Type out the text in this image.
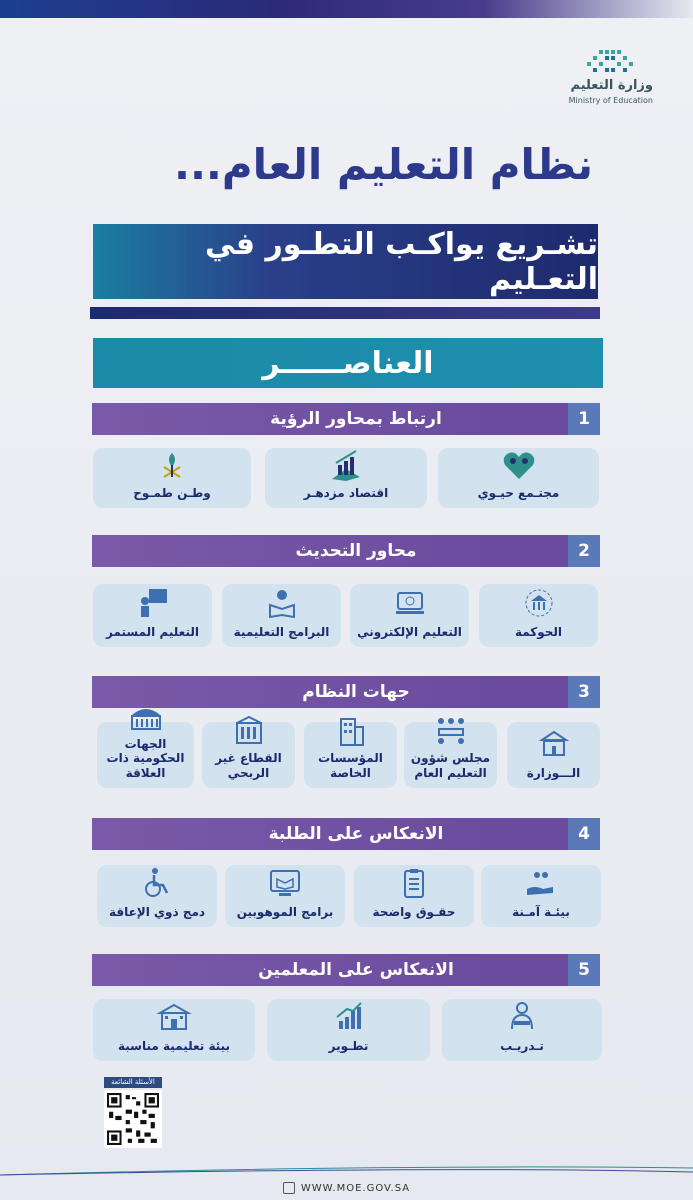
وزارة التعليم
Ministry of Education
نظام التعليم العام...
تشـريع يواكـب التطـور في التعـليم
العناصــــــر
1
ارتباط بمحاور الرؤية
مجتـمع حيـوي
اقتصاد مزدهـر
وطـن طمـوح
2
محاور التحديث
الحوكمة
التعليم الإلكتروني
البرامج التعليمية
التعليم المستمر
3
جهات النظام
الـــوزارة
مجلس شؤون التعليم العام
المؤسسات الخاصة
القطاع غير الربحي
الجهات الحكومية ذات العلاقة
4
الانعكاس على الطلبة
بيئـة آمـنة
حقـوق واضحة
برامج الموهوبين
دمج ذوي الإعاقة
5
الانعكاس على المعلمين
تـدريـب
تطـوير
بيئة تعليمية مناسبة
الأسئلة الشائعة
WWW.MOE.GOV.SA
